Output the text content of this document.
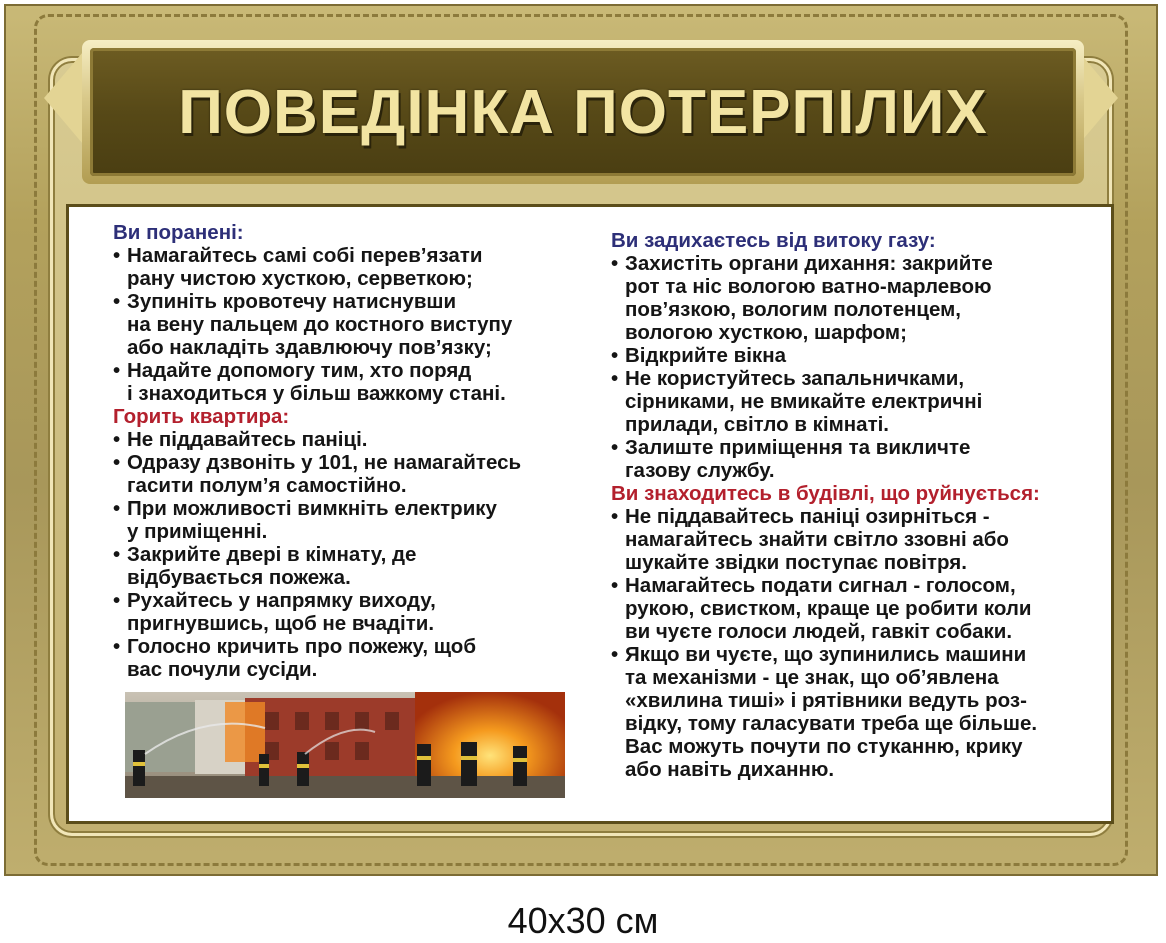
ПОВЕДІНКА ПОТЕРПІЛИХ
Ви поранені:
• Намагайтесь самі собі перев’язати
рану чистою хусткою, серветкою;
• Зупиніть кровотечу натиснувши
на вену пальцем до костного виступу
або накладіть здавлюючу пов’язку;
• Надайте допомогу тим, хто поряд
і знаходиться у більш важкому стані.
Горить квартира:
• Не піддавайтесь паніці.
• Одразу дзвоніть у 101, не намагайтесь
гасити полум’я самостійно.
• При можливості вимкніть електрику
у приміщенні.
• Закрийте двері в кімнату, де
відбувається пожежа.
• Рухайтесь у напрямку виходу,
пригнувшись, щоб не вчадіти.
• Голосно кричить про пожежу, щоб
вас почули сусіди.
Ви задихаєтесь від витоку газу:
• Захистіть органи дихання: закрийте
рот та ніс вологою ватно-марлевою
пов’язкою, вологим полотенцем,
вологою хусткою, шарфом;
• Відкрийте вікна
• Не користуйтесь запальничками,
сірниками, не вмикайте електричні
прилади, світло в кімнаті.
• Залиште приміщення та викличте
газову службу.
Ви знаходитесь в будівлі, що руйнується:
• Не піддавайтесь паніці озирніться -
намагайтесь знайти світло ззовні або
шукайте звідки поступає повітря.
• Намагайтесь подати сигнал - голосом,
рукою, свистком, краще це робити коли
ви чуєте голоси людей, гавкіт собаки.
• Якщо ви чуєте, що зупинились машини
та механізми - це знак, що об’явлена
«хвилина тиші» і рятівники ведуть роз-
відку, тому галасувати треба ще більше.
Вас можуть почути по стуканню, крику
або навіть диханню.
40x30 см
